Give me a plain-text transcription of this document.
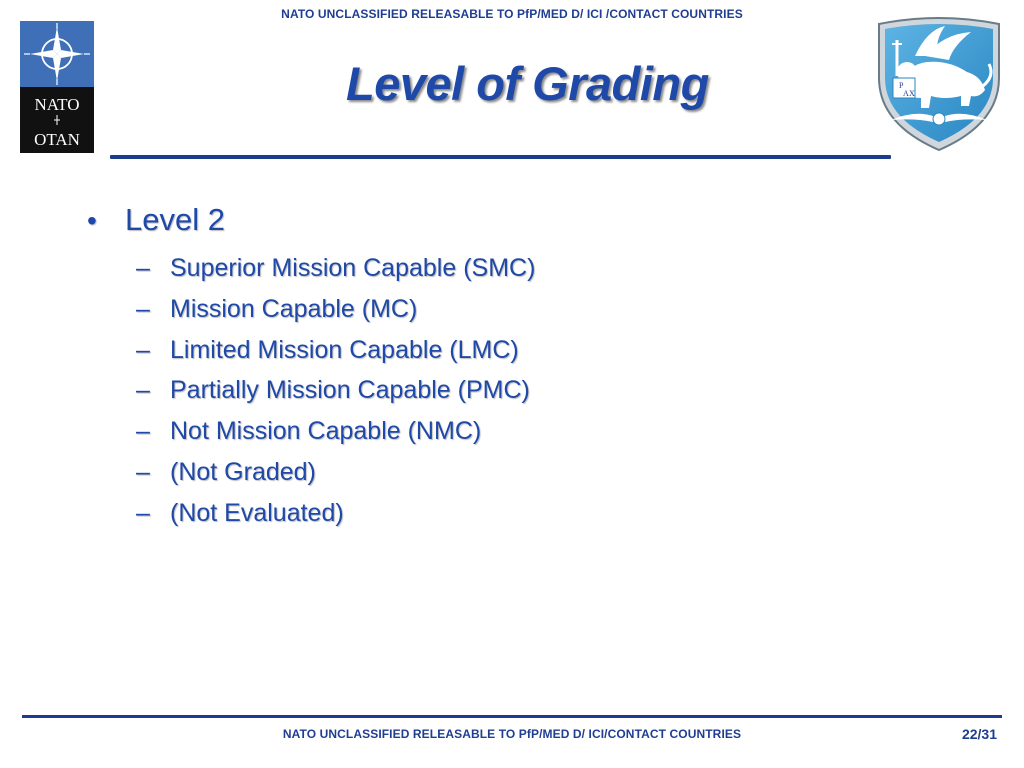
NATO UNCLASSIFIED RELEASABLE TO PfP/MED D/ ICI /CONTACT COUNTRIES
NATO
OTAN
P
A X
Level of Grading
• Level 2
– Superior Mission Capable (SMC)
– Mission Capable (MC)
– Limited Mission Capable (LMC)
– Partially Mission Capable (PMC)
– Not Mission Capable (NMC)
– (Not Graded)
– (Not Evaluated)
NATO UNCLASSIFIED RELEASABLE TO PfP/MED D/ ICI/CONTACT COUNTRIES	22/31
